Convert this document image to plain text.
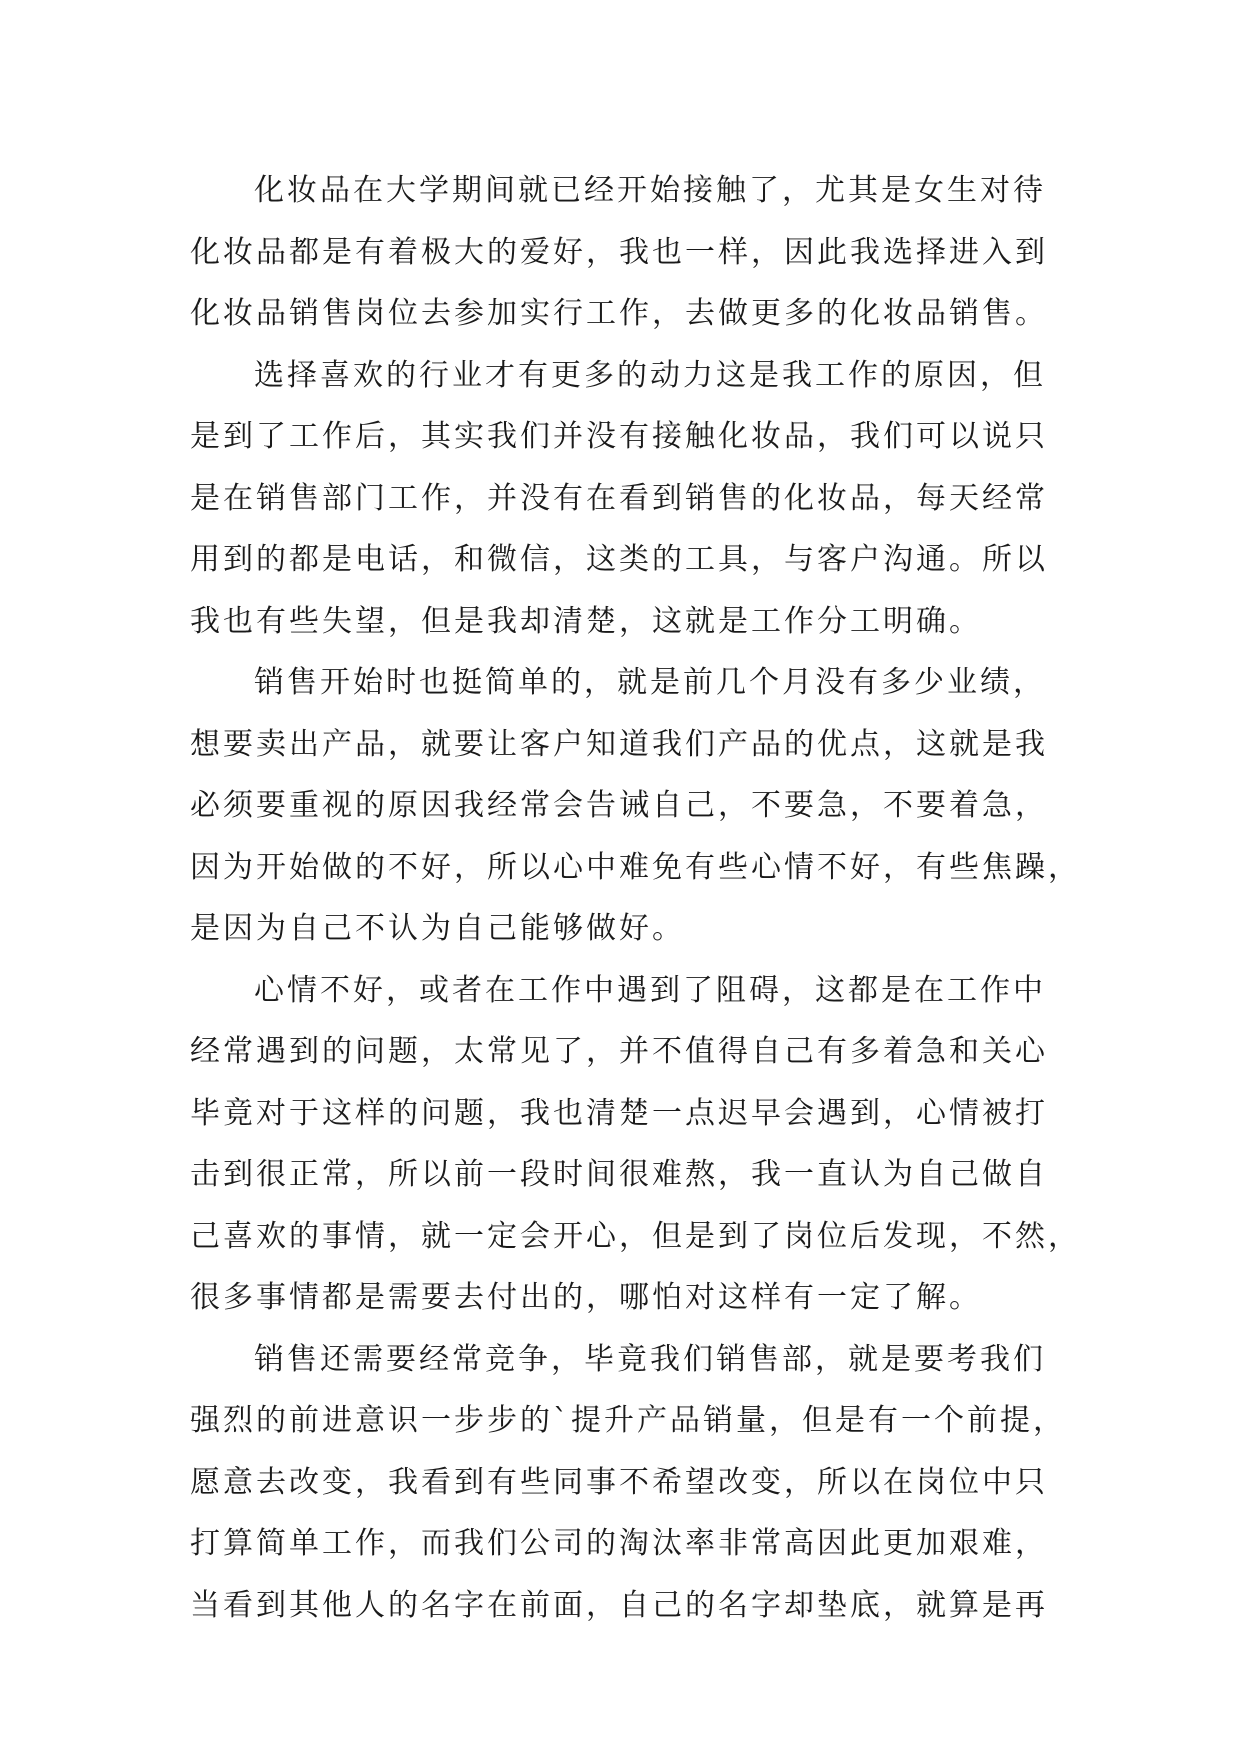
化妆品在大学期间就已经开始接触了，尤其是女生对待
化妆品都是有着极大的爱好，我也一样，因此我选择进入到
化妆品销售岗位去参加实行工作，去做更多的化妆品销售。
选择喜欢的行业才有更多的动力这是我工作的原因，但
是到了工作后，其实我们并没有接触化妆品，我们可以说只
是在销售部门工作，并没有在看到销售的化妆品，每天经常
用到的都是电话，和微信，这类的工具，与客户沟通。所以
我也有些失望，但是我却清楚，这就是工作分工明确。
销售开始时也挺简单的，就是前几个月没有多少业绩，
想要卖出产品，就要让客户知道我们产品的优点，这就是我
必须要重视的原因我经常会告诫自己，不要急，不要着急，
因为开始做的不好，所以心中难免有些心情不好，有些焦躁，
是因为自己不认为自己能够做好。
心情不好，或者在工作中遇到了阻碍，这都是在工作中
经常遇到的问题，太常见了，并不值得自己有多着急和关心
毕竟对于这样的问题，我也清楚一点迟早会遇到，心情被打
击到很正常，所以前一段时间很难熬，我一直认为自己做自
己喜欢的事情，就一定会开心，但是到了岗位后发现，不然，
很多事情都是需要去付出的，哪怕对这样有一定了解。
销售还需要经常竞争，毕竟我们销售部，就是要考我们
强烈的前进意识一步步的`提升产品销量，但是有一个前提，
愿意去改变，我看到有些同事不希望改变，所以在岗位中只
打算简单工作，而我们公司的淘汰率非常高因此更加艰难，
当看到其他人的名字在前面，自己的名字却垫底，就算是再
